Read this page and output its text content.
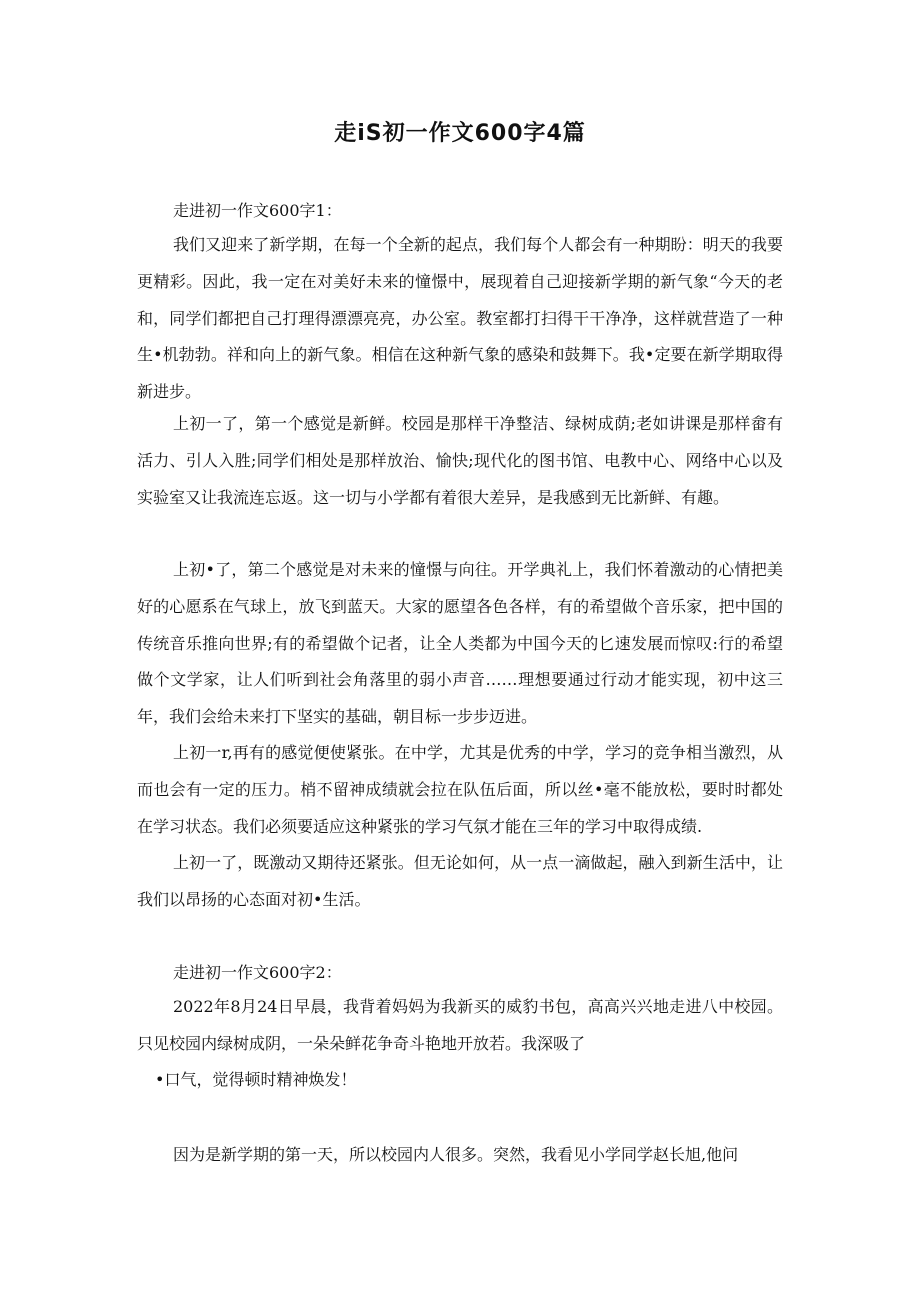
走iS初一作文600字4篇
走进初一作文600字1：
我们又迎来了新学期，在每一个全新的起点，我们每个人都会有一种期盼：明天的我要更精彩。因此，我一定在对美好未来的憧憬中，展现着自己迎接新学期的新气象“今天的老和，同学们都把自己打理得漂漂亮亮，办公室。教室都打扫得干干净净，这样就营造了一种生•机勃勃。祥和向上的新气象。相信在这种新气象的感染和鼓舞下。我•定要在新学期取得新进步。
上初一了，第一个感觉是新鲜。校园是那样干净整洁、绿树成荫;老如讲课是那样畲有活力、引人入胜;同学们相处是那样放治、愉快;现代化的图书馆、电教中心、网络中心以及实验室又让我流连忘返。这一切与小学都有着很大差异，是我感到无比新鲜、有趣。
上初•了，第二个感觉是对未来的憧憬与向往。开学典礼上，我们怀着激动的心情把美好的心愿系在气球上，放飞到蓝天。大家的愿望各色各样，有的希望做个音乐家，把中国的传统音乐推向世界;有的希望做个记者，让全人类都为中国今天的匕速发展而惊叹:行的希望做个文学家，让人们听到社会角落里的弱小声音……理想要通过行动才能实现，初中这三年，我们会给未来打下坚实的基础，朝目标一步步迈进。
上初一r,再有的感觉便使紧张。在中学，尤其是优秀的中学，学习的竞争相当激烈，从而也会有一定的压力。梢不留神成绩就会拉在队伍后面，所以丝•毫不能放松，要时时都处在学习状态。我们必须要适应这种紧张的学习气氛才能在三年的学习中取得成绩.
上初一了，既激动又期待还紧张。但无论如何，从一点一滴做起，融入到新生活中，让我们以昂扬的心态面对初•生活。
走进初一作文600字2：
2022年8月24日早晨，我背着妈妈为我新买的威豹书包，高高兴兴地走进八中校园。只见校园内绿树成阴，一朵朵鲜花争奇斗艳地开放若。我深吸了
•口气，觉得顿时精神焕发！
因为是新学期的第一天，所以校园内人很多。突然，我看见小学同学赵长旭,他问
